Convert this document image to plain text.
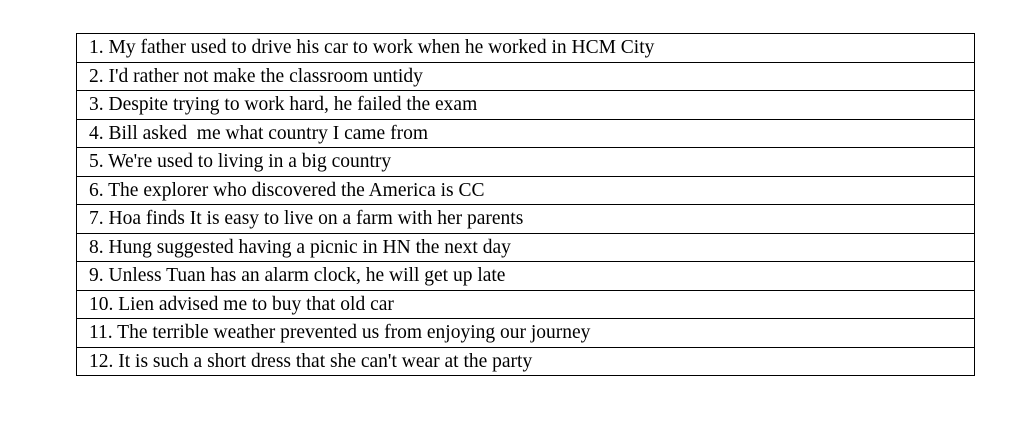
1. My father used to drive his car to work when he worked in HCM City
2. I'd rather not make the classroom untidy
3. Despite trying to work hard, he failed the exam
4. Bill asked  me what country I came from
5. We're used to living in a big country
6. The explorer who discovered the America is CC
7. Hoa finds It is easy to live on a farm with her parents
8. Hung suggested having a picnic in HN the next day
9. Unless Tuan has an alarm clock, he will get up late
10. Lien advised me to buy that old car
11. The terrible weather prevented us from enjoying our journey
12. It is such a short dress that she can't wear at the party
